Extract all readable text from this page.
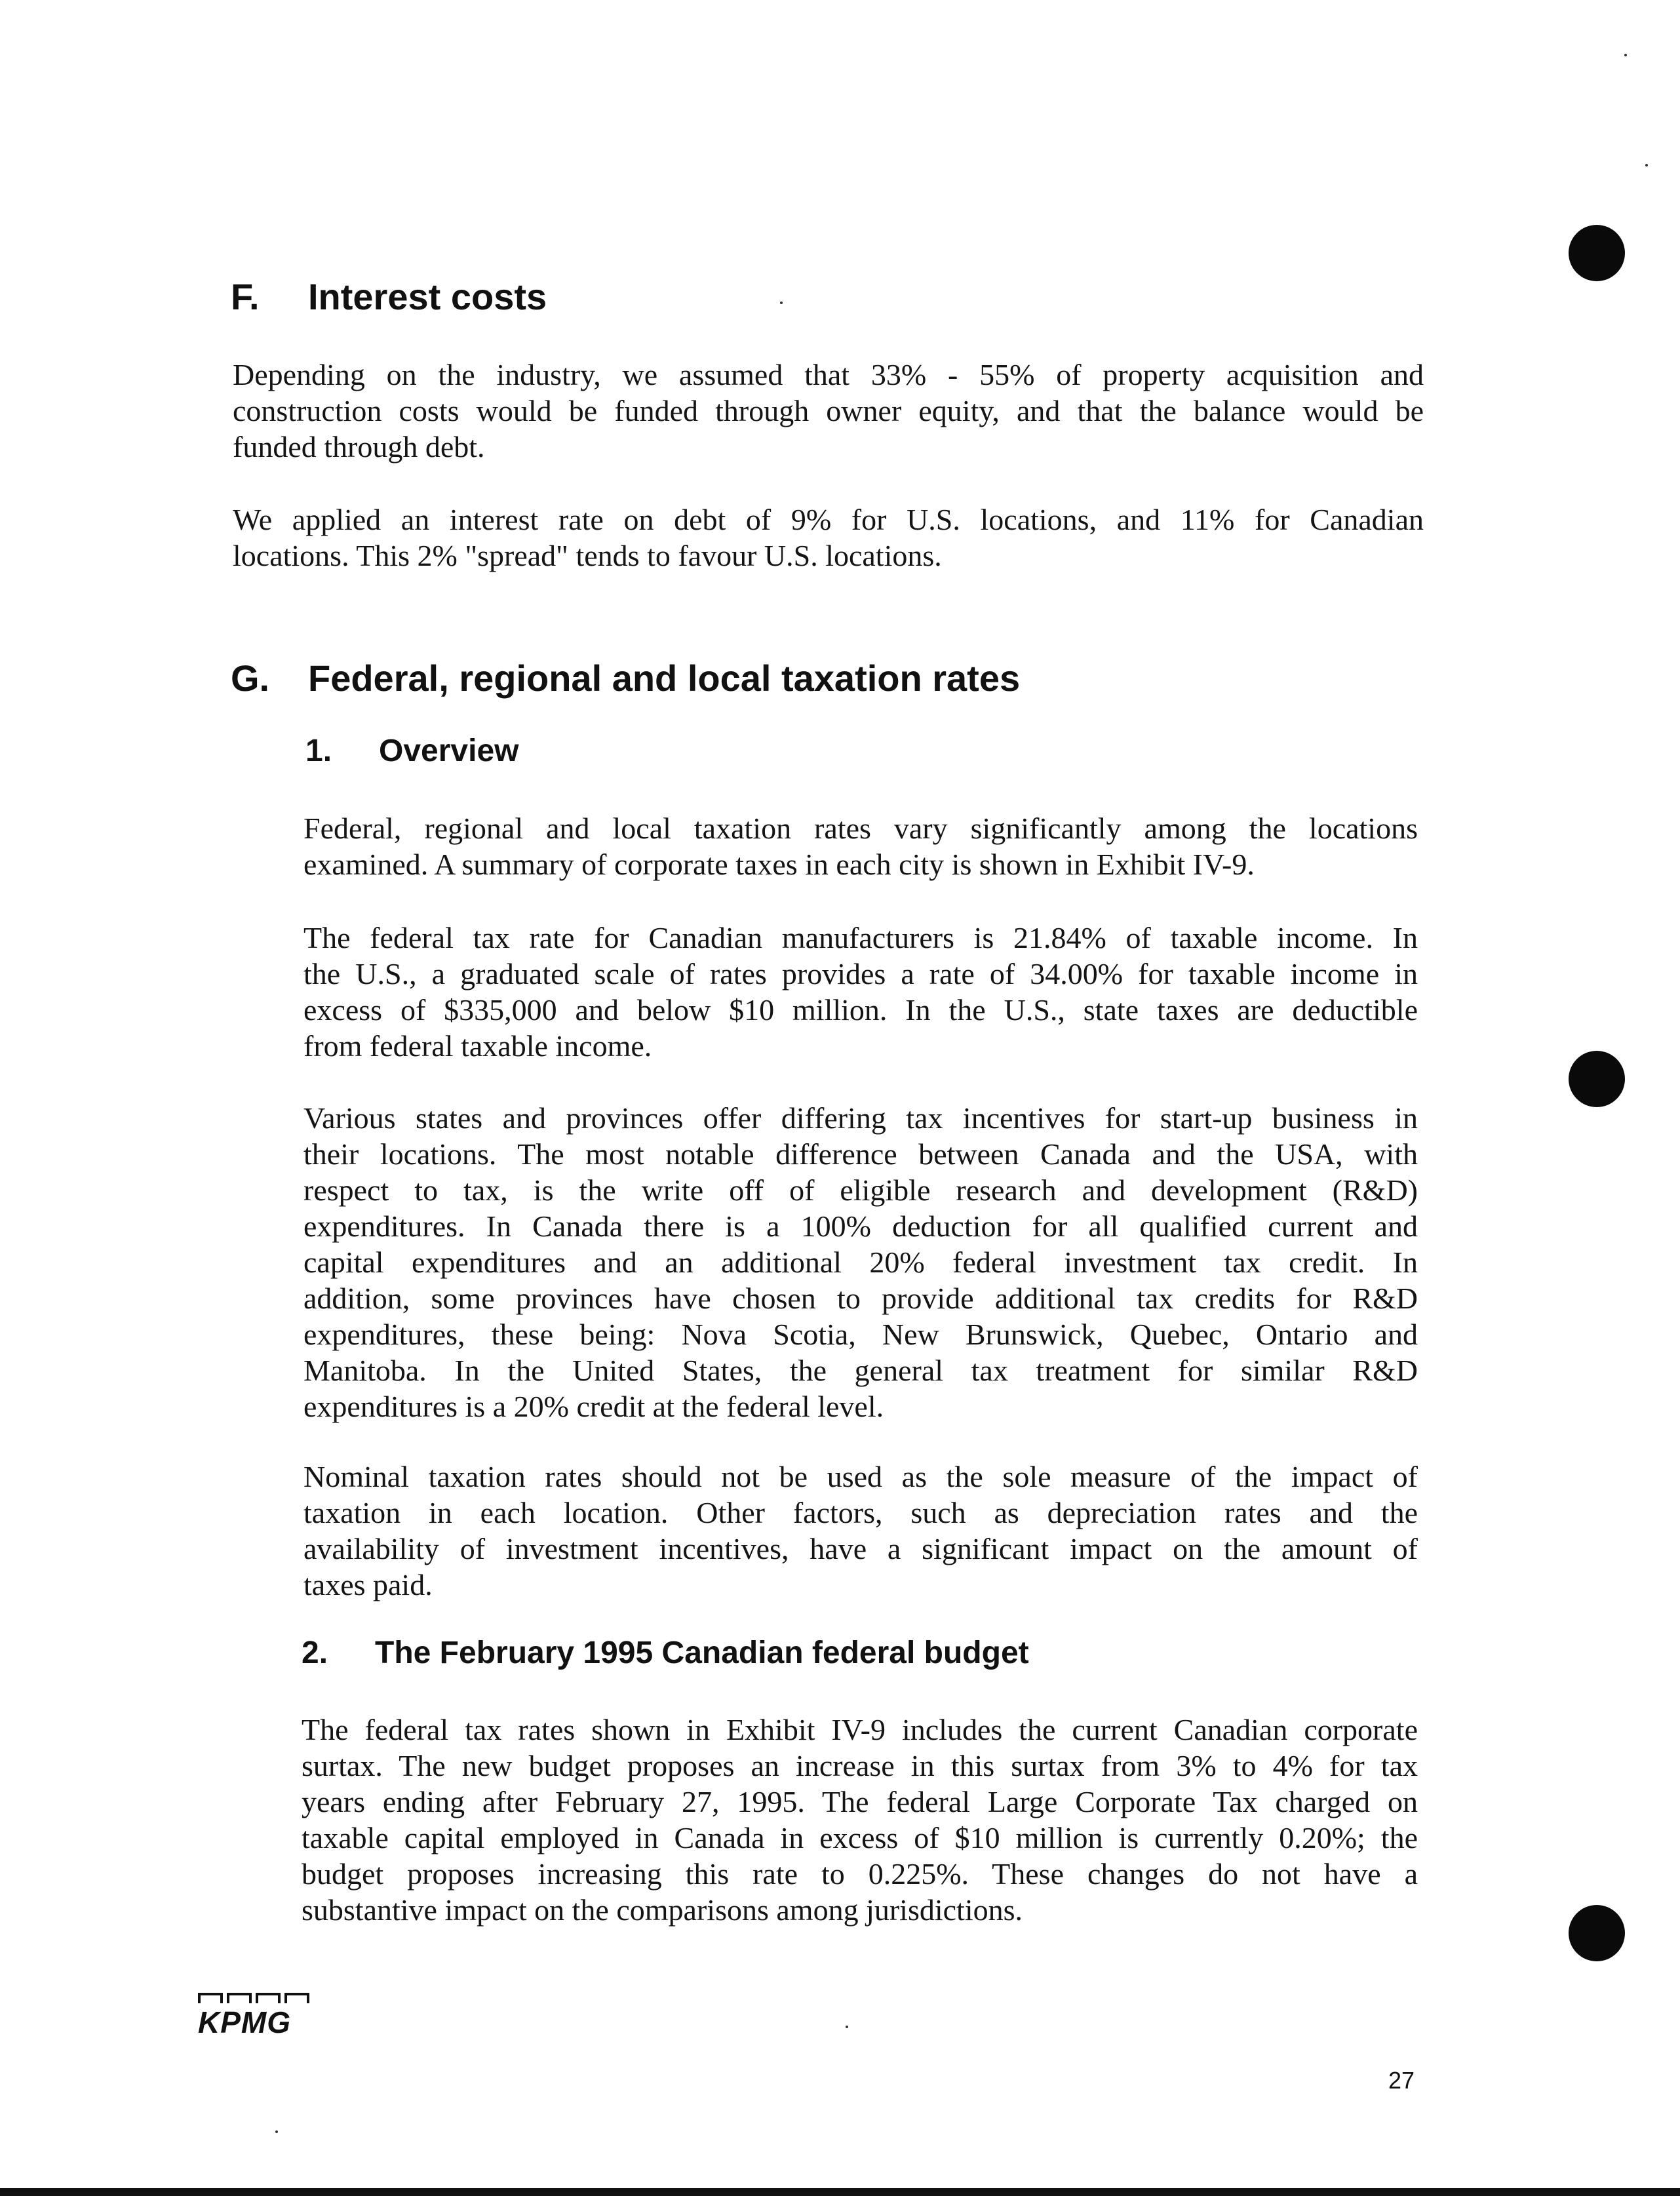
F. Interest costs
Depending on the industry, we assumed that 33% - 55% of property acquisition and
construction costs would be funded through owner equity, and that the balance would be
funded through debt.
We applied an interest rate on debt of 9% for U.S. locations, and 11% for Canadian
locations. This 2% "spread" tends to favour U.S. locations.
G. Federal, regional and local taxation rates
1. Overview
Federal, regional and local taxation rates vary significantly among the locations
examined. A summary of corporate taxes in each city is shown in Exhibit IV-9.
The federal tax rate for Canadian manufacturers is 21.84% of taxable income. In
the U.S., a graduated scale of rates provides a rate of 34.00% for taxable income in
excess of $335,000 and below $10 million. In the U.S., state taxes are deductible
from federal taxable income.
Various states and provinces offer differing tax incentives for start-up business in
their locations. The most notable difference between Canada and the USA, with
respect to tax, is the write off of eligible research and development (R&D)
expenditures. In Canada there is a 100% deduction for all qualified current and
capital expenditures and an additional 20% federal investment tax credit. In
addition, some provinces have chosen to provide additional tax credits for R&D
expenditures, these being: Nova Scotia, New Brunswick, Quebec, Ontario and
Manitoba. In the United States, the general tax treatment for similar R&D
expenditures is a 20% credit at the federal level.
Nominal taxation rates should not be used as the sole measure of the impact of
taxation in each location. Other factors, such as depreciation rates and the
availability of investment incentives, have a significant impact on the amount of
taxes paid.
2. The February 1995 Canadian federal budget
The federal tax rates shown in Exhibit IV-9 includes the current Canadian corporate
surtax. The new budget proposes an increase in this surtax from 3% to 4% for tax
years ending after February 27, 1995. The federal Large Corporate Tax charged on
taxable capital employed in Canada in excess of $10 million is currently 0.20%; the
budget proposes increasing this rate to 0.225%. These changes do not have a
substantive impact on the comparisons among jurisdictions.
KPMG
27
